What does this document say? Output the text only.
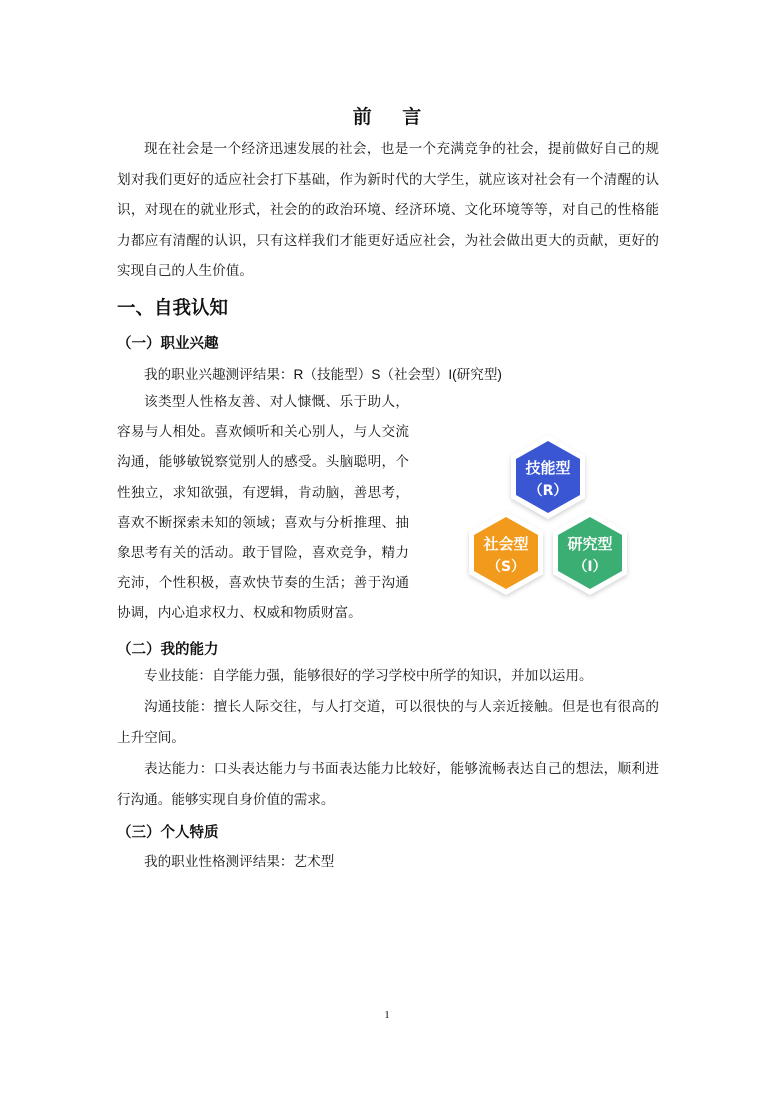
前 言

现在社会是一个经济迅速发展的社会，也是一个充满竞争的社会，提前做好自己的规划对我们更好的适应社会打下基础，作为新时代的大学生，就应该对社会有一个清醒的认识，对现在的就业形式，社会的的政治环境、经济环境、文化环境等等，对自己的性格能力都应有清醒的认识，只有这样我们才能更好适应社会，为社会做出更大的贡献，更好的实现自己的人生价值。

一、自我认知
（一）职业兴趣

我的职业兴趣测评结果：R（技能型）S（社会型）I(研究型)

该类型人性格友善、对人慷慨、乐于助人，容易与人相处。喜欢倾听和关心别人，与人交流沟通，能够敏锐察觉别人的感受。头脑聪明，个性独立，求知欲强，有逻辑，肯动脑，善思考，喜欢不断探索未知的领域；喜欢与分析推理、抽象思考有关的活动。敢于冒险，喜欢竞争，精力充沛，个性积极，喜欢快节奏的生活；善于沟通协调，内心追求权力、权威和物质财富。

技能型
（R）
社会型
（S）
研究型
（I）
（二）我的能力

专业技能：自学能力强，能够很好的学习学校中所学的知识，并加以运用。

沟通技能：擅长人际交往，与人打交道，可以很快的与人亲近接触。但是也有很高的上升空间。

表达能力：口头表达能力与书面表达能力比较好，能够流畅表达自己的想法，顺利进行沟通。能够实现自身价值的需求。

（三）个人特质

我的职业性格测评结果：艺术型

1
